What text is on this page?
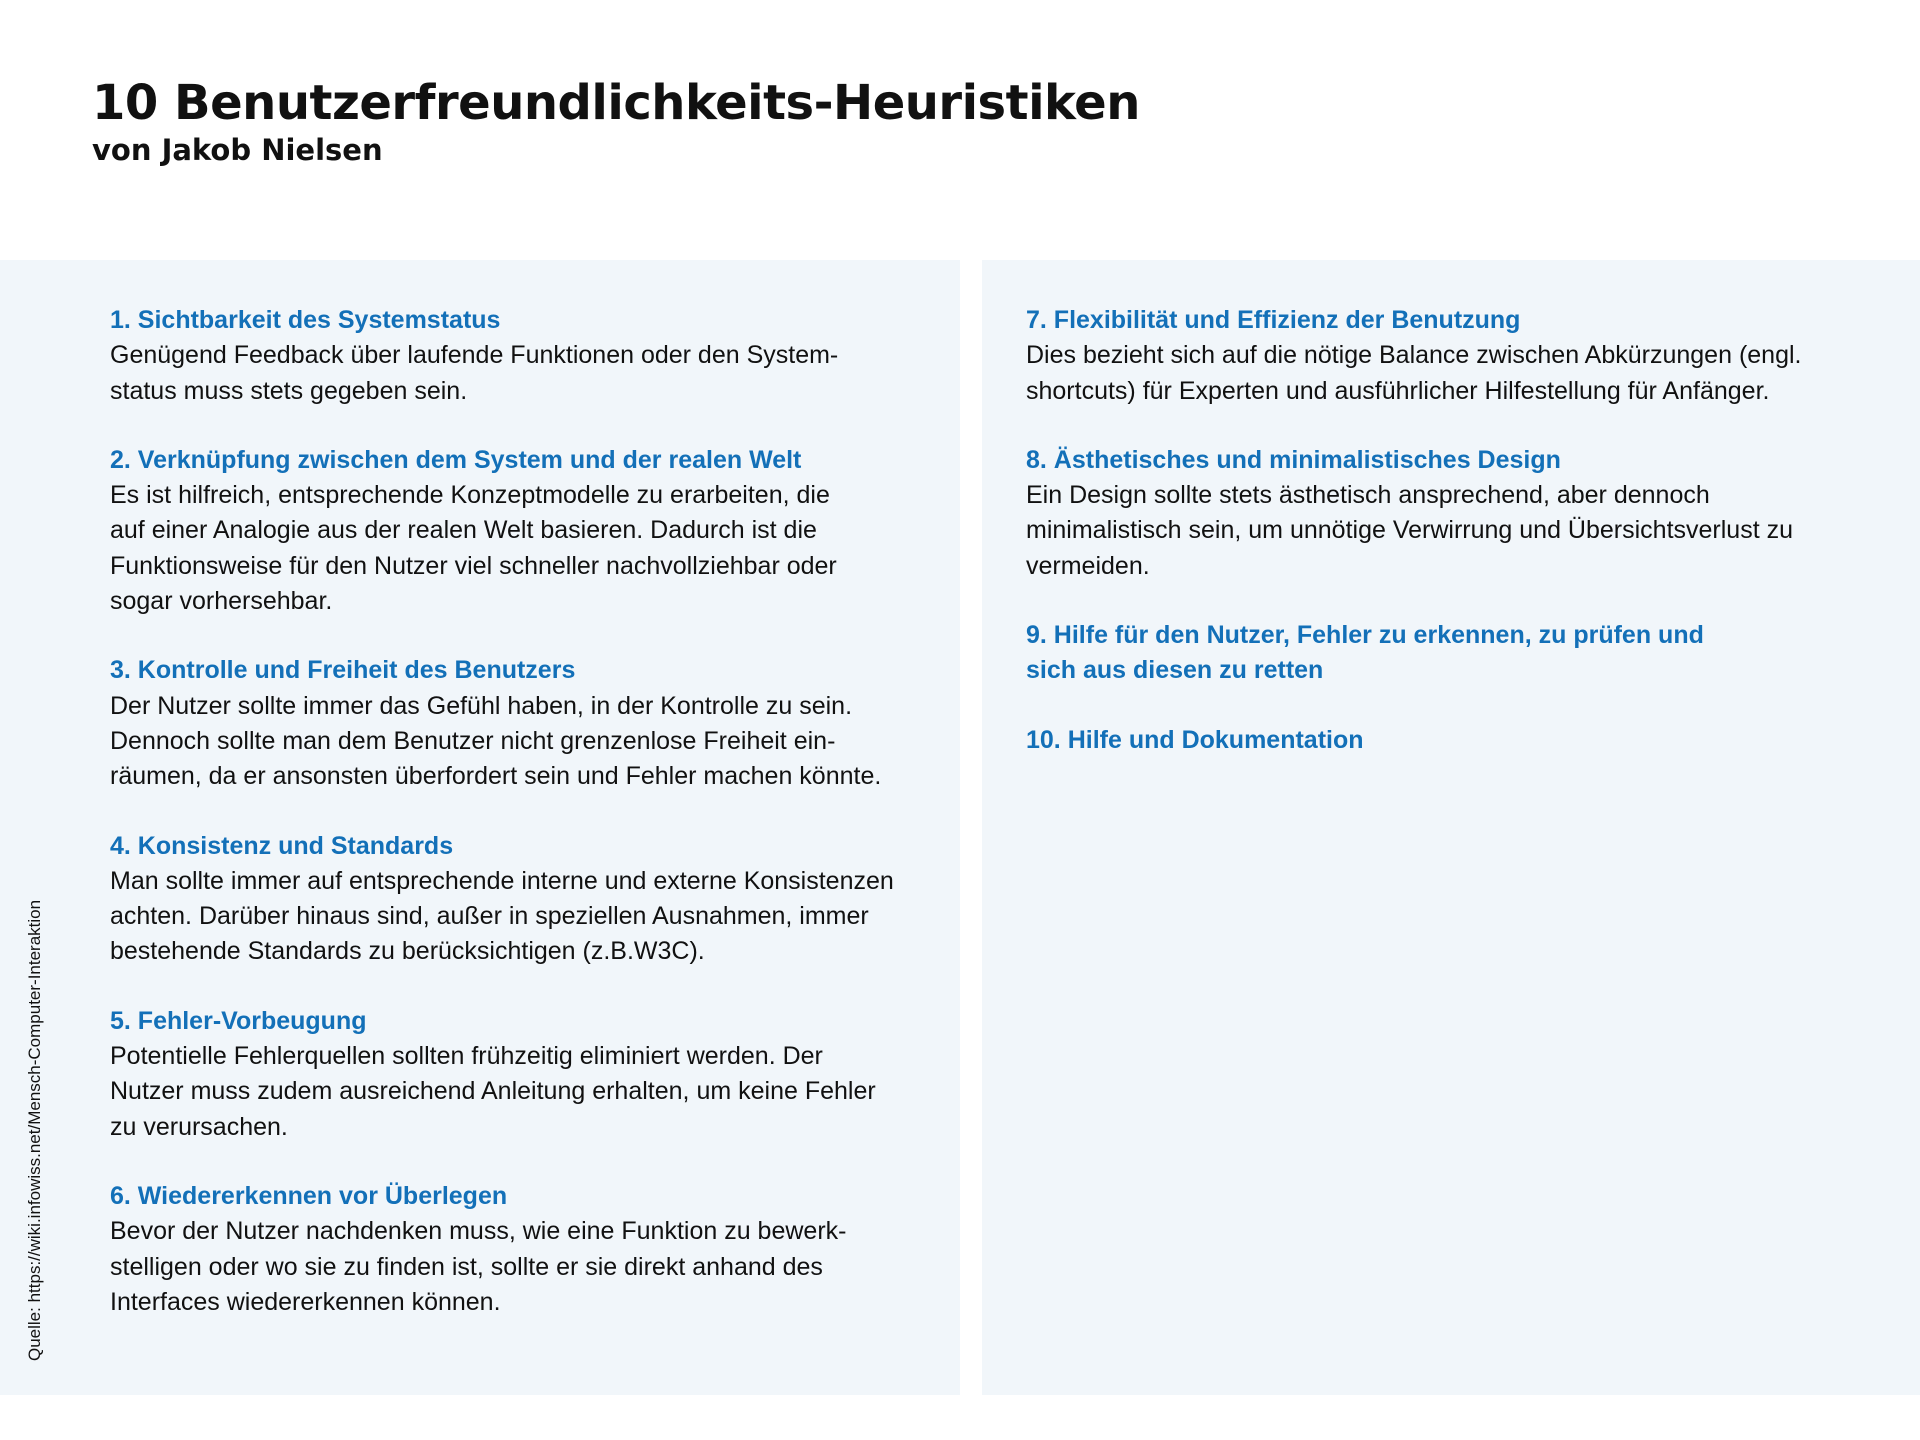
10 Benutzerfreundlichkeits-Heuristiken
von Jakob Nielsen

1. Sichtbarkeit des Systemstatus

Genügend Feedback über laufende Funktionen oder den System-
status muss stets gegeben sein.

2. Verknüpfung zwischen dem System und der realen Welt

Es ist hilfreich, entsprechende Konzeptmodelle zu erarbeiten, die
auf einer Analogie aus der realen Welt basieren. Dadurch ist die
Funktionsweise für den Nutzer viel schneller nachvollziehbar oder
sogar vorhersehbar.

3. Kontrolle und Freiheit des Benutzers

Der Nutzer sollte immer das Gefühl haben, in der Kontrolle zu sein.
Dennoch sollte man dem Benutzer nicht grenzenlose Freiheit ein-
räumen, da er ansonsten überfordert sein und Fehler machen könnte.

4. Konsistenz und Standards

Man sollte immer auf entsprechende interne und externe Konsistenzen
achten. Darüber hinaus sind, außer in speziellen Ausnahmen, immer
bestehende Standards zu berücksichtigen (z.B.W3C).

5. Fehler-Vorbeugung

Potentielle Fehlerquellen sollten frühzeitig eliminiert werden. Der
Nutzer muss zudem ausreichend Anleitung erhalten, um keine Fehler
zu verursachen.

6. Wiedererkennen vor Überlegen

Bevor der Nutzer nachdenken muss, wie eine Funktion zu bewerk-
stelligen oder wo sie zu finden ist, sollte er sie direkt anhand des
Interfaces wiedererkennen können.

7. Flexibilität und Effizienz der Benutzung

Dies bezieht sich auf die nötige Balance zwischen Abkürzungen (engl.
shortcuts) für Experten und ausführlicher Hilfestellung für Anfänger.

8. Ästhetisches und minimalistisches Design

Ein Design sollte stets ästhetisch ansprechend, aber dennoch
minimalistisch sein, um unnötige Verwirrung und Übersichtsverlust zu
vermeiden.

9. Hilfe für den Nutzer, Fehler zu erkennen, zu prüfen und
sich aus diesen zu retten

10. Hilfe und Dokumentation

Quelle: https://wiki.infowiss.net/Mensch-Computer-Interaktion
